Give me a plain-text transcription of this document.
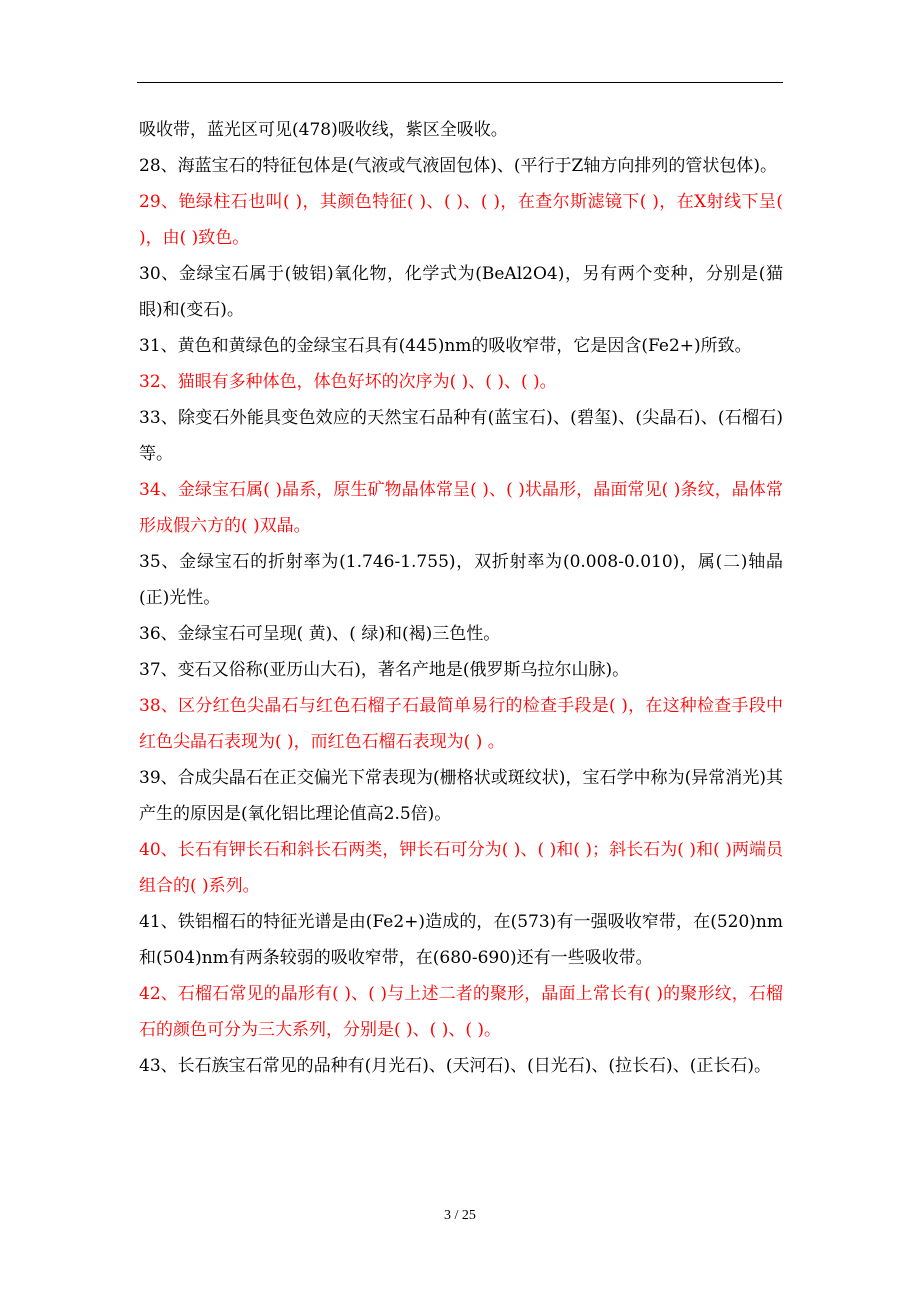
吸收带，蓝光区可见(478)吸收线，紫区全吸收。

28、海蓝宝石的特征包体是(气液或气液固包体)、(平行于Z轴方向排列的管状包体)。

29、铯绿柱石也叫( )，其颜色特征( )、( )、( )，在查尔斯滤镜下( )，在X射线下呈( )，由( )致色。

30、金绿宝石属于(铍铝)氧化物，化学式为(BeAl2O4)，另有两个变种，分别是(猫眼)和(变石)。

31、黄色和黄绿色的金绿宝石具有(445)nm的吸收窄带，它是因含(Fe2+)所致。

32、猫眼有多种体色，体色好坏的次序为( )、( )、( )。

33、除变石外能具变色效应的天然宝石品种有(蓝宝石)、(碧玺)、(尖晶石)、(石榴石)等。

34、金绿宝石属( )晶系，原生矿物晶体常呈( )、( )状晶形，晶面常见( )条纹，晶体常形成假六方的( )双晶。

35、金绿宝石的折射率为(1.746-1.755)，双折射率为(0.008-0.010)，属(二)轴晶(正)光性。

36、金绿宝石可呈现( 黄)、( 绿)和(褐)三色性。

37、变石又俗称(亚历山大石)，著名产地是(俄罗斯乌拉尔山脉)。

38、区分红色尖晶石与红色石榴子石最简单易行的检查手段是( )，在这种检查手段中红色尖晶石表现为( )，而红色石榴石表现为( ) 。

39、合成尖晶石在正交偏光下常表现为(栅格状或斑纹状)，宝石学中称为(异常消光)其产生的原因是(氧化铝比理论值高2.5倍)。

40、长石有钾长石和斜长石两类，钾长石可分为( )、( )和( )；斜长石为( )和( )两端员组合的( )系列。

41、铁铝榴石的特征光谱是由(Fe2+)造成的，在(573)有一强吸收窄带，在(520)nm和(504)nm有两条较弱的吸收窄带，在(680-690)还有一些吸收带。

42、石榴石常见的晶形有( )、( )与上述二者的聚形，晶面上常长有( )的聚形纹，石榴石的颜色可分为三大系列，分别是( )、( )、( )。

43、长石族宝石常见的品种有(月光石)、(天河石)、(日光石)、(拉长石)、(正长石)。

3 / 25
